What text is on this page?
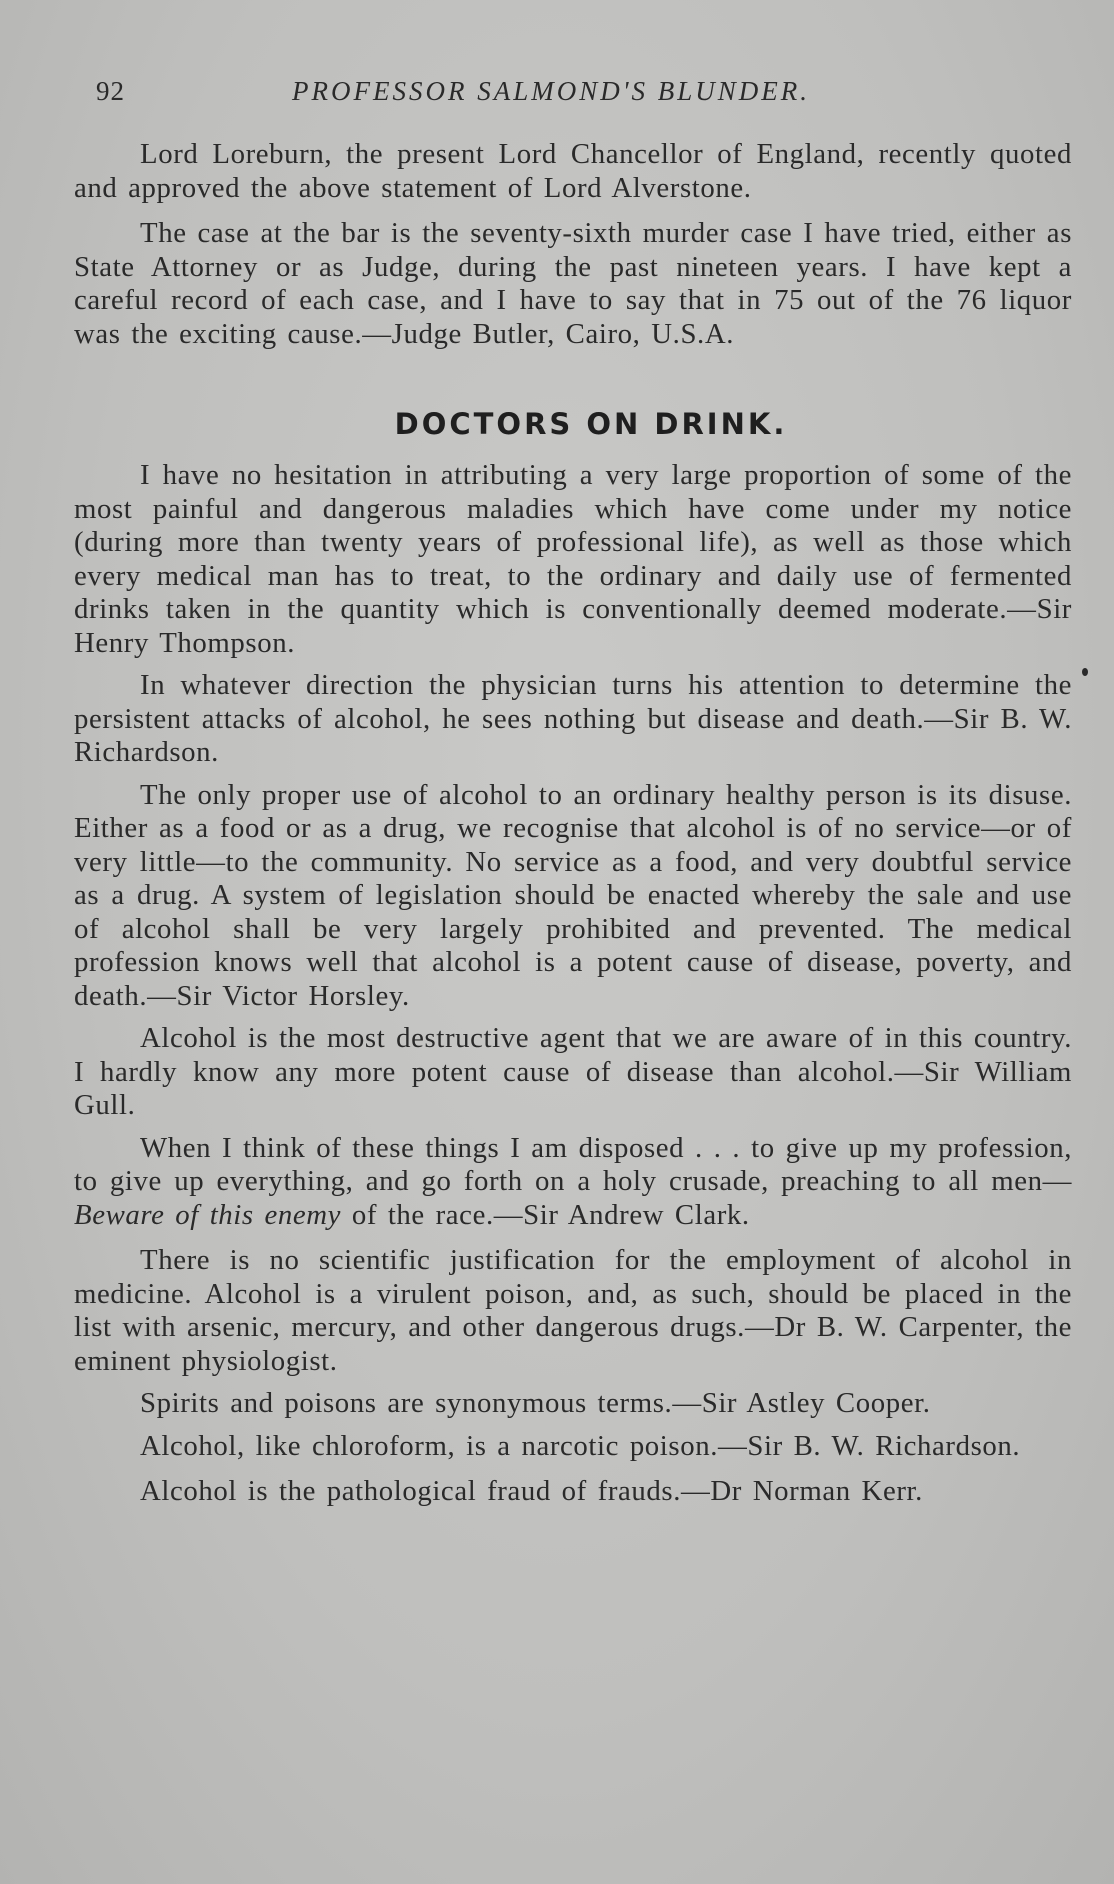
92	PROFESSOR SALMOND'S BLUNDER.

Lord Loreburn, the present Lord Chancellor of England, recently quoted and approved the above statement of Lord Alverstone.

The case at the bar is the seventy-sixth murder case I have tried, either as State Attorney or as Judge, during the past nineteen years. I have kept a careful record of each case, and I have to say that in 75 out of the 76 liquor was the exciting cause.—Judge Butler, Cairo, U.S.A.

DOCTORS ON DRINK.

I have no hesitation in attributing a very large proportion of some of the most painful and dangerous maladies which have come under my notice (during more than twenty years of professional life), as well as those which every medical man has to treat, to the ordinary and daily use of fermented drinks taken in the quantity which is conventionally deemed moderate.—Sir Henry Thompson.

In whatever direction the physician turns his attention to determine the persistent attacks of alcohol, he sees nothing but disease and death.—Sir B. W. Richardson.

The only proper use of alcohol to an ordinary healthy person is its disuse. Either as a food or as a drug, we recognise that alcohol is of no service—or of very little—to the community. No service as a food, and very doubtful service as a drug. A system of legislation should be enacted whereby the sale and use of alcohol shall be very largely prohibited and prevented. The medical profession knows well that alcohol is a potent cause of disease, poverty, and death.—Sir Victor Horsley.

Alcohol is the most destructive agent that we are aware of in this country. I hardly know any more potent cause of disease than alcohol.—Sir William Gull.

When I think of these things I am disposed . . . to give up my profession, to give up everything, and go forth on a holy crusade, preaching to all men—Beware of this enemy of the race.—Sir Andrew Clark.

There is no scientific justification for the employment of alcohol in medicine. Alcohol is a virulent poison, and, as such, should be placed in the list with arsenic, mercury, and other dangerous drugs.—Dr B. W. Carpenter, the eminent physiologist.

Spirits and poisons are synonymous terms.—Sir Astley Cooper.

Alcohol, like chloroform, is a narcotic poison.—Sir B. W. Richardson.

Alcohol is the pathological fraud of frauds.—Dr Norman Kerr.
